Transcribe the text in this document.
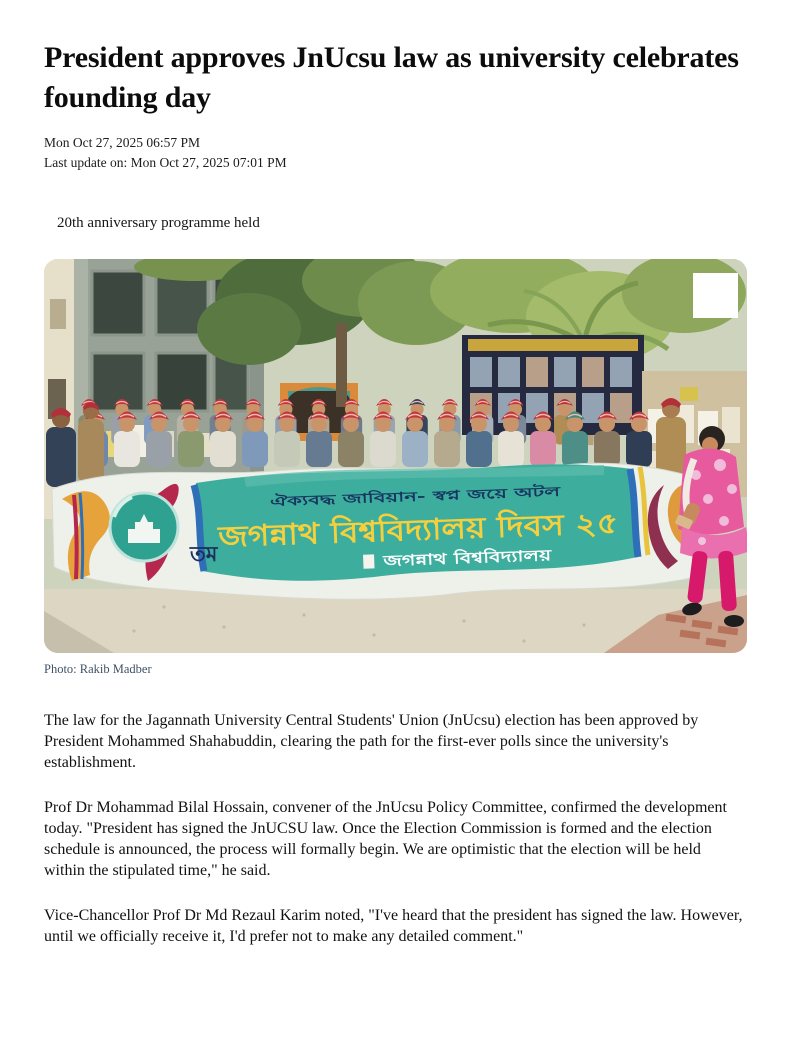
President approves JnUcsu law as university celebrates founding day
Mon Oct 27, 2025 06:57 PM
Last update on: Mon Oct 27, 2025 07:01 PM
20th anniversary programme held
তম
ঐক্যবদ্ধ জাবিয়ান- স্বপ্ন জয়ে অটল
জগন্নাথ বিশ্ববিদ্যালয় দিবস ২৫
জগন্নাথ বিশ্ববিদ্যালয়
Photo: Rakib Madber

The law for the Jagannath University Central Students' Union (JnUcsu) election has been approved by President Mohammed Shahabuddin, clearing the path for the first-ever polls since the university's establishment.

Prof Dr Mohammad Bilal Hossain, convener of the JnUcsu Policy Committee, confirmed the development today. "President has signed the JnUCSU law. Once the Election Commission is formed and the election schedule is announced, the process will formally begin. We are optimistic that the election will be held within the stipulated time," he said.

Vice-Chancellor Prof Dr Md Rezaul Karim noted, "I've heard that the president has signed the law. However, until we officially receive it, I'd prefer not to make any detailed comment."
